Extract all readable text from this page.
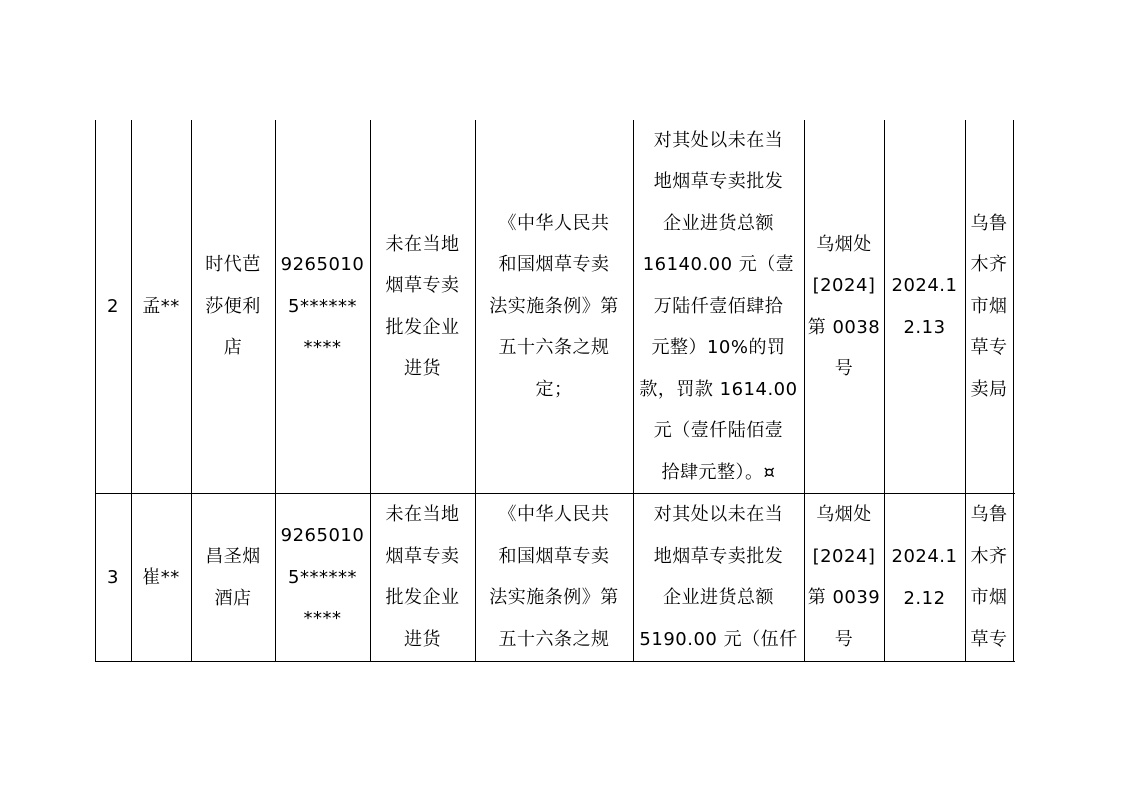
2 孟**
时代芭
莎便利
店
9265010
5******
****
未在当地
烟草专卖
批发企业
进货
《中华人民共
和国烟草专卖
法实施条例》第
五十六条之规
定；
对其处以未在当
地烟草专卖批发
企业进货总额
16140.00 元（壹
万陆仟壹佰肆拾
元整）10%的罚
款，罚款 1614.00
元（壹仟陆佰壹
拾肆元整）。¤
乌烟处
[2024]
第 0038
号
2024.1
2.13
乌鲁
木齐
市烟
草专
卖局
3 崔**
昌圣烟
酒店
9265010
5******
****
未在当地
烟草专卖
批发企业
进货
《中华人民共
和国烟草专卖
法实施条例》第
五十六条之规
对其处以未在当
地烟草专卖批发
企业进货总额
5190.00 元（伍仟
乌烟处
[2024]
第 0039
号
2024.1
2.12
乌鲁
木齐
市烟
草专
